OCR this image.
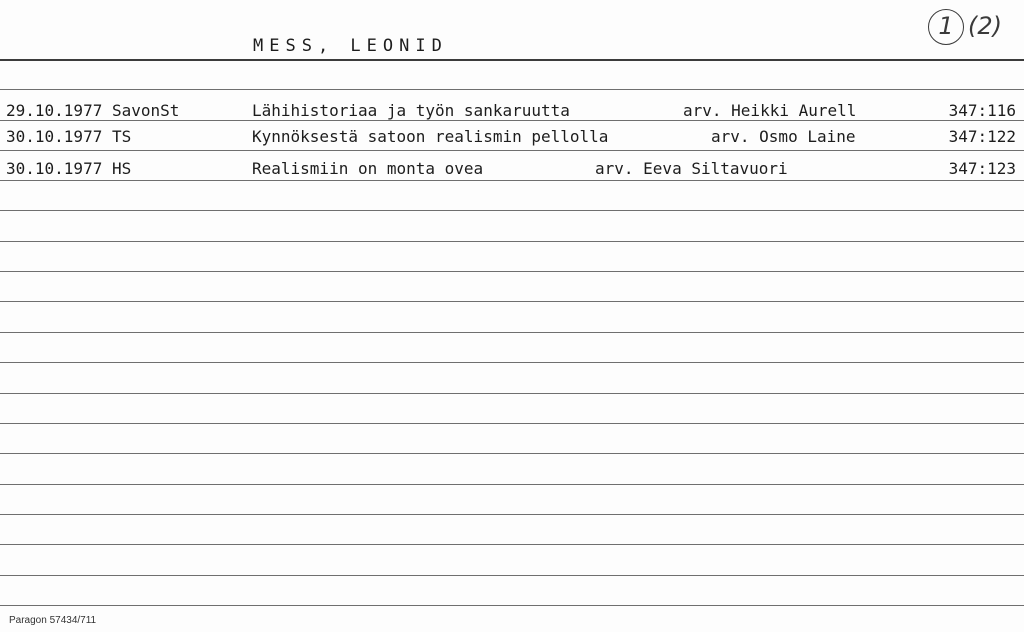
MESS, LEONID
1 (2)
29.10.1977 SavonSt	Lähihistoriaa ja työn sankaruutta	arv. Heikki Aurell	347:116
30.10.1977 TS	Kynnöksestä satoon realismin pellolla	arv. Osmo Laine	347:122
30.10.1977 HS	Realismiin on monta ovea	arv. Eeva Siltavuori	347:123
Paragon 57434/711
